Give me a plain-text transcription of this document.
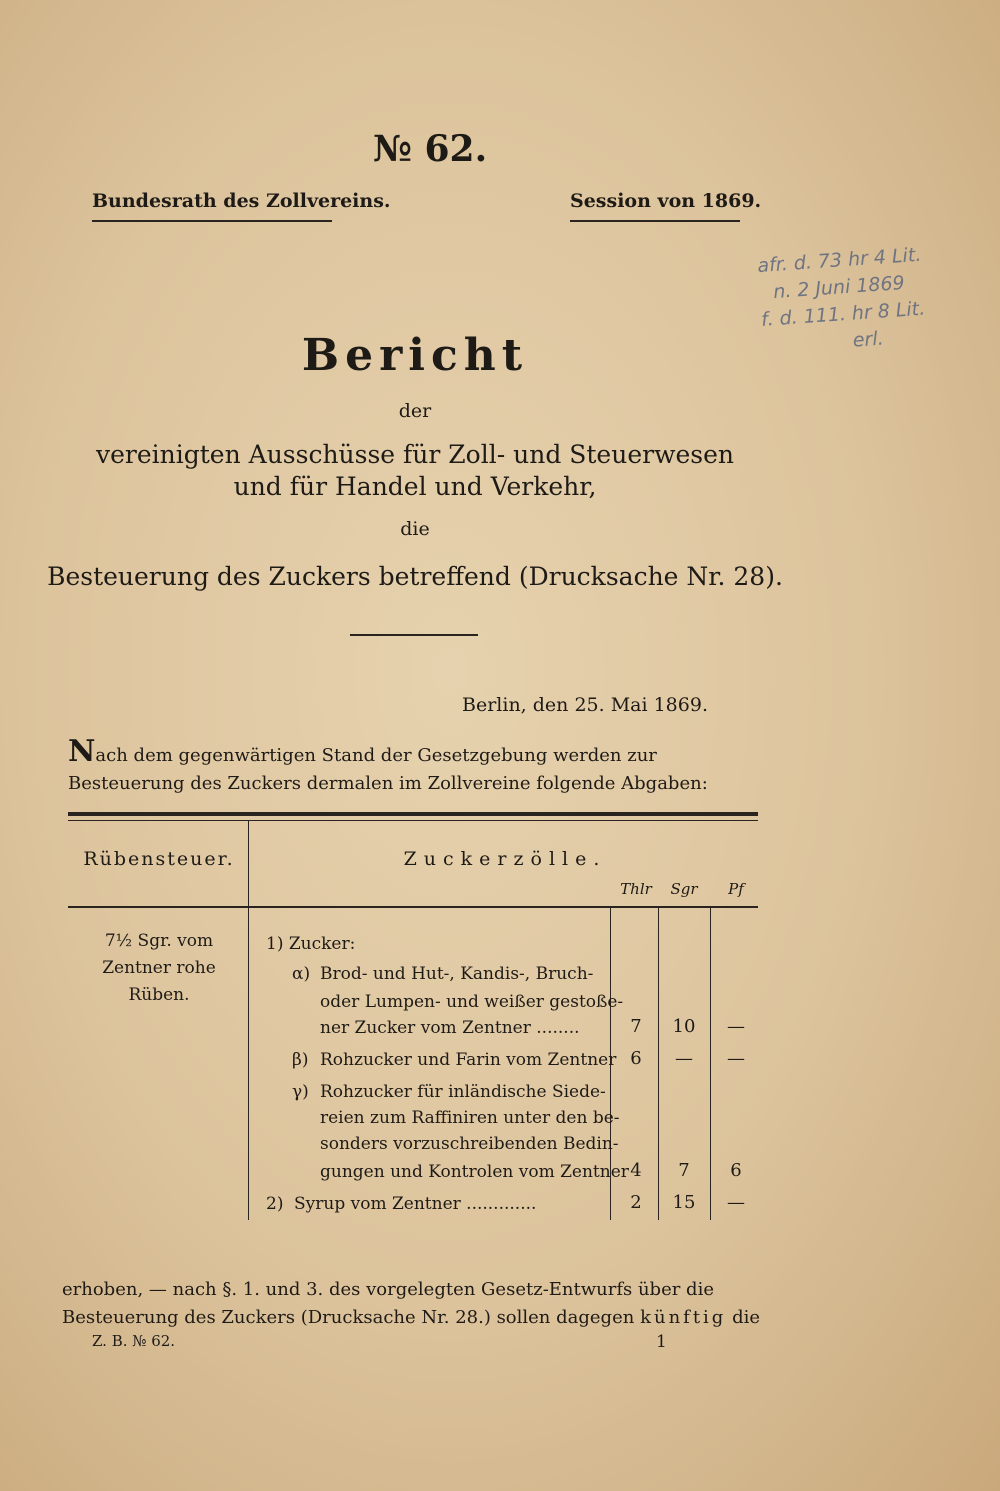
№ 62.
Bundesrath des Zollvereins.	Session von 1869.
afr. d. 73 hr 4 Lit.
n. 2 Juni 1869
f. d. 111. hr 8 Lit.
erl.
Bericht
der
vereinigten Ausschüsse für Zoll- und Steuerwesen
und für Handel und Verkehr,
die
Besteuerung des Zuckers betreffend (Drucksache Nr. 28).
Berlin, den 25. Mai 1869.
Nach dem gegenwärtigen Stand der Gesetzgebung werden zur Besteuerung des Zuckers dermalen im Zollvereine folgende Abgaben:
Rübensteuer.	Zuckerzölle.
Thlr	Sgr	Pf
7½ Sgr. vom Zentner rohe Rüben.
1) Zucker:
α) Brod- und Hut-, Kandis-, Bruch-
oder Lumpen- und weißer gestoße-
ner Zucker vom Zentner ........	7	10	—
β) Rohzucker und Farin vom Zentner 6	—	—
γ) Rohzucker für inländische Siede-
reien zum Raffiniren unter den be-
sonders vorzuschreibenden Bedin-
gungen und Kontrolen vom Zentner 4	7	6
2) Syrup vom Zentner .............	2	15	—
erhoben, — nach §. 1. und 3. des vorgelegten Gesetz-Entwurfs über die Besteuerung des Zuckers (Drucksache Nr. 28.) sollen dagegen künftig die
Z. B. № 62.	1
